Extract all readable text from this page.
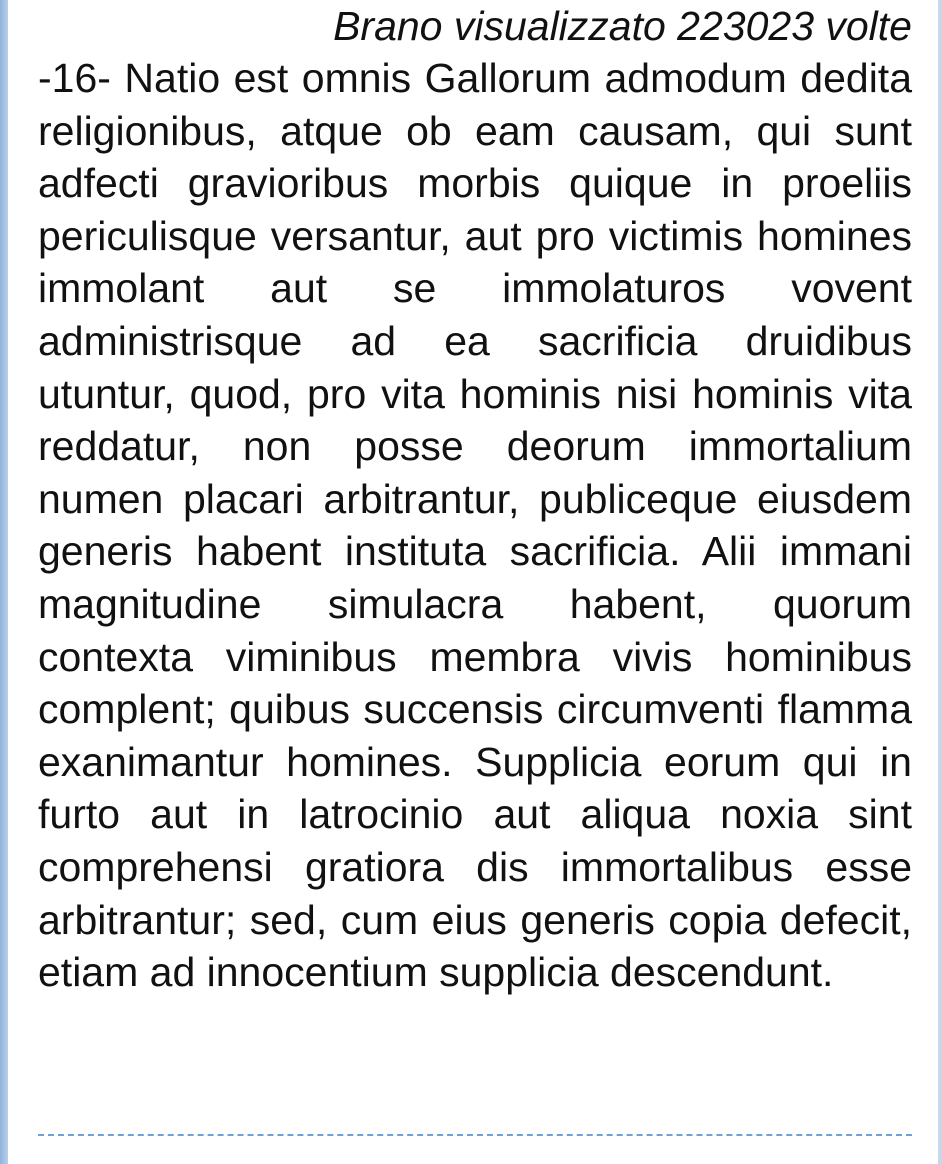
Brano visualizzato 223023 volte

-16- Natio est omnis Gallorum admodum dedita religionibus, atque ob eam causam, qui sunt adfecti gravioribus morbis quique in proeliis periculisque versantur, aut pro victimis homines immolant aut se immolaturos vovent administrisque ad ea sacrificia druidibus utuntur, quod, pro vita hominis nisi hominis vita reddatur, non posse deorum immortalium numen placari arbitrantur, publiceque eiusdem generis habent instituta sacrificia. Alii immani magnitudine simulacra habent, quorum contexta viminibus membra vivis hominibus complent; quibus succensis circumventi flamma exanimantur homines. Supplicia eorum qui in furto aut in latrocinio aut aliqua noxia sint comprehensi gratiora dis immortalibus esse arbitrantur; sed, cum eius generis copia defecit, etiam ad innocentium supplicia descendunt.
